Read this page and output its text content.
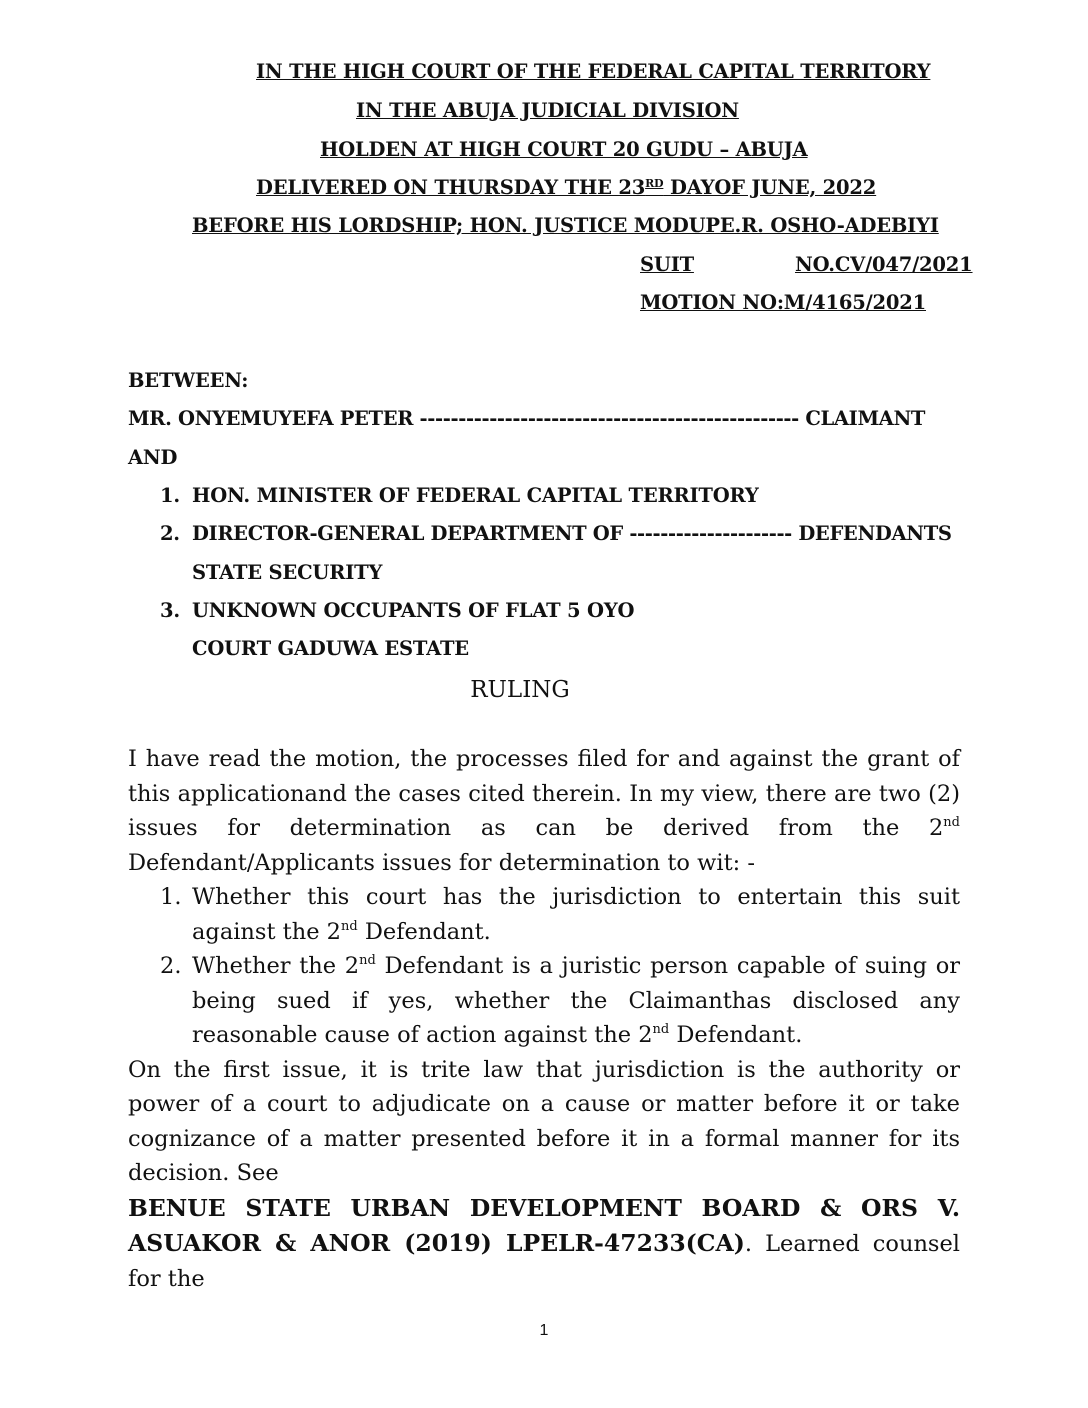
IN THE HIGH COURT OF THE FEDERAL CAPITAL TERRITORY
IN THE ABUJA JUDICIAL DIVISION
HOLDEN AT HIGH COURT 20 GUDU – ABUJA
DELIVERED ON THURSDAY THE 23RD DAYOF JUNE, 2022
BEFORE HIS LORDSHIP; HON. JUSTICE MODUPE.R. OSHO-ADEBIYI
SUIT	NO.CV/047/2021
MOTION NO:M/4165/2021
BETWEEN:
MR. ONYEMUYEFA PETER ------------------------------------------------- CLAIMANT
AND
1. HON. MINISTER OF FEDERAL CAPITAL TERRITORY
2. DIRECTOR-GENERAL DEPARTMENT OF --------------------- DEFENDANTS
STATE SECURITY
3. UNKNOWN OCCUPANTS OF FLAT 5 OYO
COURT GADUWA ESTATE
RULING
I have read the motion, the processes filed for and against the grant of this applicationand the cases cited therein. In my view, there are two (2) issues for determination as can be derived from the 2nd Defendant/Applicants issues for determination to wit: -
1. Whether this court has the jurisdiction to entertain this suit against the 2nd Defendant.
2. Whether the 2nd Defendant is a juristic person capable of suing or being sued if yes, whether the Claimanthas disclosed any reasonable cause of action against the 2nd Defendant.
On the first issue, it is trite law that jurisdiction is the authority or power of a court to adjudicate on a cause or matter before it or take cognizance of a matter presented before it in a formal manner for its decision. See
BENUE STATE URBAN DEVELOPMENT BOARD & ORS V. ASUAKOR & ANOR (2019) LPELR-47233(CA). Learned counsel for the
1
